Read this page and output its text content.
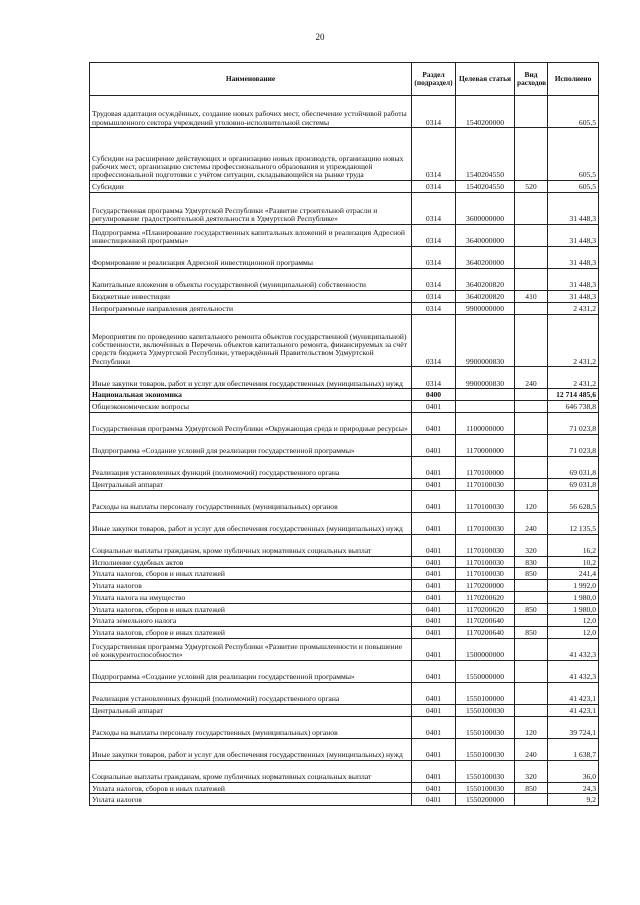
20
Наименование	Раздел (подраздел)	Целевая статья	Вид расходов	Исполнено
Трудовая адаптация осуждённых, создание новых рабочих мест, обеспечение устойчивой работы промышленного сектора учреждений уголовно-исполнительной системы	0314	1540200000		605,5
Субсидии на расширение действующих и организацию новых производств, организацию новых рабочих мест, организацию системы профессионального образования и упреждающей профессиональной подготовки с учётом ситуации, складывающейся на рынке труда	0314	1540204550		605,5
Субсидии	0314	1540204550	520	605,5
Государственная программа Удмуртской Республики «Развитие строительной отрасли и регулирование градостроительной деятельности в Удмуртской Республике»	0314	3600000000		31 448,3
Подпрограмма «Планирование государственных капитальных вложений и реализация Адресной инвестиционной программы»	0314	3640000000		31 448,3
Формирование и реализация Адресной инвестиционной программы	0314	3640200000		31 448,3
Капитальные вложения в объекты государственной (муниципальной) собственности	0314	3640200820		31 448,3
Бюджетные инвестиции	0314	3640200820	410	31 448,3
Непрограммные направления деятельности	0314	9900000000		2 431,2
Мероприятия по проведению капитального ремонта объектов государственной (муниципальной) собственности, включённых в Перечень объектов капитального ремонта, финансируемых за счёт средств бюджета Удмуртской Республики, утверждённый Правительством Удмуртской Республики	0314	9900000830		2 431,2
Иные закупки товаров, работ и услуг для обеспечения государственных (муниципальных) нужд	0314	9900000830	240	2 431,2
Национальная экономика	0400			12 714 485,6
Общеэкономические вопросы	0401			646 738,8
Государственная программа Удмуртской Республики «Окружающая среда и природные ресурсы»	0401	1100000000		71 023,8
Подпрограмма «Создание условий для реализации государственной программы»	0401	1170000000		71 023,8
Реализация установленных функций (полномочий) государственного органа	0401	1170100000		69 031,8
Центральный аппарат	0401	1170100030		69 031,8
Расходы на выплаты персоналу государственных (муниципальных) органов	0401	1170100030	120	56 628,5
Иные закупки товаров, работ и услуг для обеспечения государственных (муниципальных) нужд	0401	1170100030	240	12 135,5
Социальные выплаты гражданам, кроме публичных нормативных социальных выплат	0401	1170100030	320	16,2
Исполнение судебных актов	0401	1170100030	830	10,2
Уплата налогов, сборов и иных платежей	0401	1170100030	850	241,4
Уплата налогов	0401	1170200000		1 992,0
Уплата налога на имущество	0401	1170200620		1 980,0
Уплата налогов, сборов и иных платежей	0401	1170200620	850	1 980,0
Уплата земельного налога	0401	1170200640		12,0
Уплата налогов, сборов и иных платежей	0401	1170200640	850	12,0
Государственная программа Удмуртской Республики «Развитие промышленности и повышение её конкурентоспособности»	0401	1500000000		41 432,3
Подпрограмма «Создание условий для реализации государственной программы»	0401	1550000000		41 432,3
Реализация установленных функций (полномочий) государственного органа	0401	1550100000		41 423,1
Центральный аппарат	0401	1550100030		41 423,1
Расходы на выплаты персоналу государственных (муниципальных) органов	0401	1550100030	120	39 724,1
Иные закупки товаров, работ и услуг для обеспечения государственных (муниципальных) нужд	0401	1550100030	240	1 638,7
Социальные выплаты гражданам, кроме публичных нормативных социальных выплат	0401	1550100030	320	36,0
Уплата налогов, сборов и иных платежей	0401	1550100030	850	24,3
Уплата налогов	0401	1550200000		9,2
